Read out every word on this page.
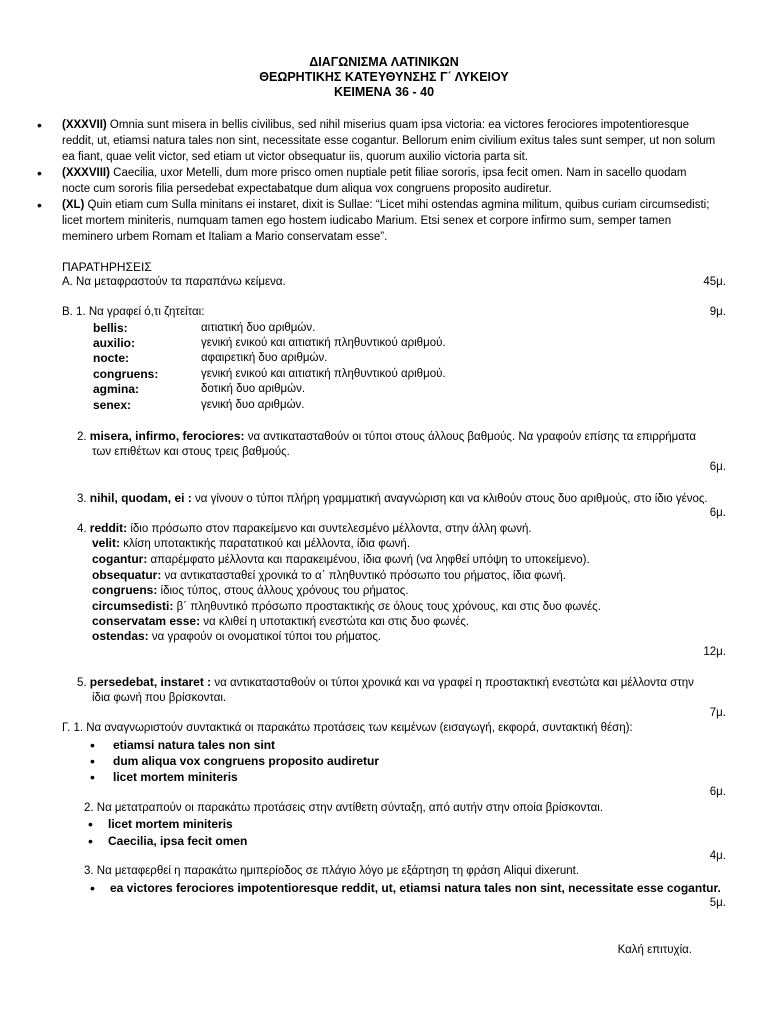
ΔΙΑΓΩΝΙΣΜΑ ΛΑΤΙΝΙΚΩΝ
ΘΕΩΡΗΤΙΚΗΣ ΚΑΤΕΥΘΥΝΣΗΣ Γ΄ ΛΥΚΕΙΟΥ
ΚΕΙΜΕΝΑ 36 - 40
• (XXXVII) Omnia sunt misera in bellis civilibus, sed nihil miserius quam ipsa victoria: ea victores ferociores impotentioresque
reddit, ut, etiamsi natura tales non sint, necessitate esse cogantur. Bellorum enim civilium exitus tales sunt semper, ut non solum
ea fiant, quae velit victor, sed etiam ut victor obsequatur iis, quorum auxilio victoria parta sit.
• (XXXVIII) Caecilia, uxor Metelli, dum more prisco omen nuptiale petit filiae sororis, ipsa fecit omen. Nam in sacello quodam
nocte cum sororis filia persedebat expectabatque dum aliqua vox congruens proposito audiretur.
• (XL) Quin etiam cum Sulla minitans ei instaret, dixit is Sullae: “Licet mihi ostendas agmina militum, quibus curiam circumsedisti;
licet mortem miniteris, numquam tamen ego hostem iudicabo Marium. Etsi senex et corpore infirmo sum, semper tamen
meminero urbem Romam et Italiam a Mario conservatam esse”.
ΠΑΡΑΤΗΡΗΣΕΙΣ
Α. Να μεταφραστούν τα παραπάνω κείμενα.	45μ.
Β. 1. Να γραφεί ό,τι ζητείται:	9μ.
bellis:	αιτιατική δυο αριθμών.
auxilio:	γενική ενικού και αιτιατική πληθυντικού αριθμού.
nocte:	αφαιρετική δυο αριθμών.
congruens:	γενική ενικού και αιτιατική πληθυντικού αριθμού.
agmina:	δοτική δυο αριθμών.
senex:	γενική δυο αριθμών.
2. misera, infirmo, ferociores: να αντικατασταθούν οι τύποι στους άλλους βαθμούς. Να γραφούν επίσης τα επιρρήματα
των επιθέτων και στους τρεις βαθμούς.
6μ.
3. nihil, quodam, ei : να γίνουν ο τύποι πλήρη γραμματική αναγνώριση και να κλιθούν στους δυο αριθμούς, στο ίδιο γένος.
6μ.
4. reddit: ίδιο πρόσωπο στον παρακείμενο και συντελεσμένο μέλλοντα, στην άλλη φωνή.
velit: κλίση υποτακτικής παρατατικού και μέλλοντα, ίδια φωνή.
cogantur: απαρέμφατο μέλλοντα και παρακειμένου, ίδια φωνή (να ληφθεί υπόψη το υποκείμενο).
obsequatur: να αντικατασταθεί χρονικά το α΄ πληθυντικό πρόσωπο του ρήματος, ίδια φωνή.
congruens: ίδιος τύπος, στους άλλους χρόνους του ρήματος.
circumsedisti: β΄ πληθυντικό πρόσωπο προστακτικής σε όλους τους χρόνους, και στις δυο φωνές.
conservatam esse: να κλιθεί η υποτακτική ενεστώτα και στις δυο φωνές.
ostendas: να γραφούν οι ονοματικοί τύποι του ρήματος.
12μ.
5. persedebat, instaret : να αντικατασταθούν οι τύποι χρονικά και να γραφεί η προστακτική ενεστώτα και μέλλοντα στην
ίδια φωνή που βρίσκονται.
7μ.
Γ. 1. Να αναγνωριστούν συντακτικά οι παρακάτω προτάσεις των κειμένων (εισαγωγή, εκφορά, συντακτική θέση):
• etiamsi natura tales non sint
• dum aliqua vox congruens proposito audiretur
• licet mortem miniteris
6μ.
2. Να μετατραπούν οι παρακάτω προτάσεις στην αντίθετη σύνταξη, από αυτήν στην οποία βρίσκονται.
• licet mortem miniteris
• Caecilia, ipsa fecit omen
4μ.
3. Να μεταφερθεί η παρακάτω ημιπερίοδος σε πλάγιο λόγο με εξάρτηση τη φράση Aliqui dixerunt.
• ea victores ferociores impotentioresque reddit, ut, etiamsi natura tales non sint, necessitate esse cogantur.
5μ.
Καλή επιτυχία.
